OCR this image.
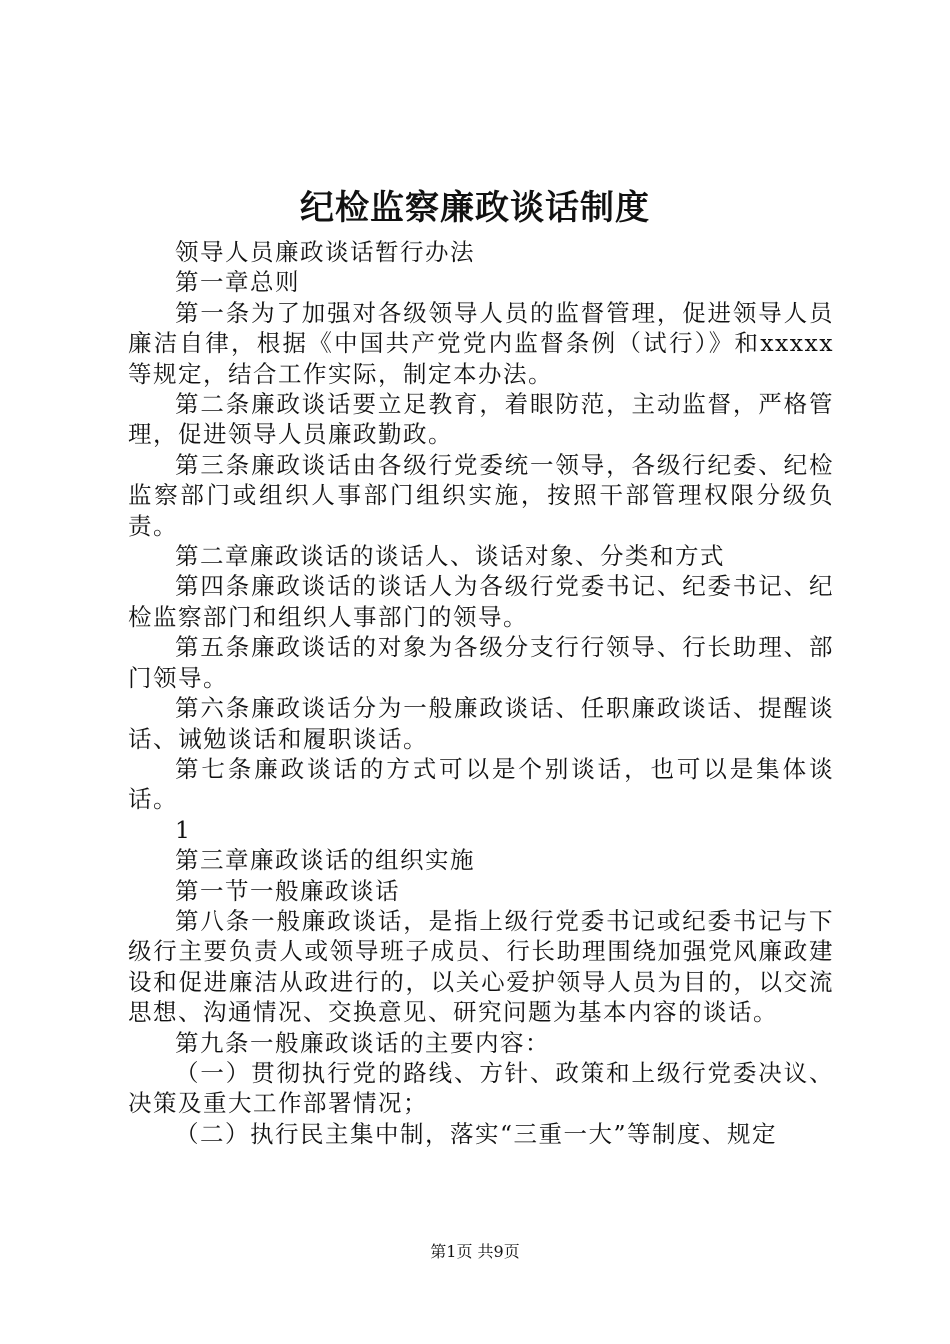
纪检监察廉政谈话制度

领导人员廉政谈话暂行办法

第一章总则

第一条为了加强对各级领导人员的监督管理，促进领导人员廉洁自律，根据《中国共产党党内监督条例（试行）》和xxxxx等规定，结合工作实际，制定本办法。

第二条廉政谈话要立足教育，着眼防范，主动监督，严格管理，促进领导人员廉政勤政。

第三条廉政谈话由各级行党委统一领导，各级行纪委、纪检监察部门或组织人事部门组织实施，按照干部管理权限分级负责。

第二章廉政谈话的谈话人、谈话对象、分类和方式

第四条廉政谈话的谈话人为各级行党委书记、纪委书记、纪检监察部门和组织人事部门的领导。

第五条廉政谈话的对象为各级分支行行领导、行长助理、部门领导。

第六条廉政谈话分为一般廉政谈话、任职廉政谈话、提醒谈话、诫勉谈话和履职谈话。

第七条廉政谈话的方式可以是个别谈话，也可以是集体谈话。

1

第三章廉政谈话的组织实施

第一节一般廉政谈话

第八条一般廉政谈话，是指上级行党委书记或纪委书记与下级行主要负责人或领导班子成员、行长助理围绕加强党风廉政建设和促进廉洁从政进行的，以关心爱护领导人员为目的，以交流思想、沟通情况、交换意见、研究问题为基本内容的谈话。

第九条一般廉政谈话的主要内容：

（一）贯彻执行党的路线、方针、政策和上级行党委决议、决策及重大工作部署情况；

（二）执行民主集中制，落实“三重一大”等制度、规定

第1页 共9页
